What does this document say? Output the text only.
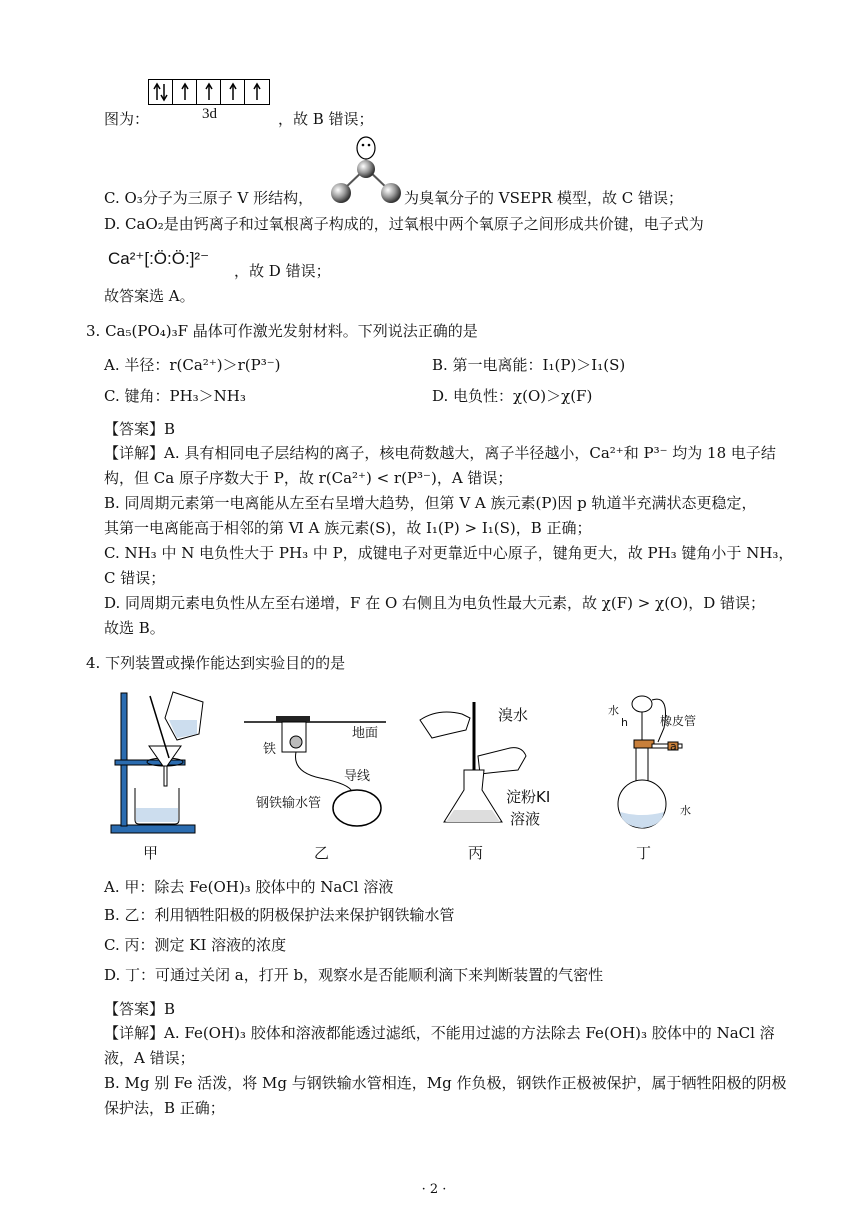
图为：	3d	，故 B 错误；
C. O₃分子为三原子 V 形结构，	为臭氧分子的 VSEPR 模型，故 C 错误；
D. CaO₂是由钙离子和过氧根离子构成的，过氧根中两个氧原子之间形成共价键，电子式为
Ca²⁺[:Ö:Ö:]²⁻
，故 D 错误；
故答案选 A。
3. Ca₅(PO₄)₃F 晶体可作激光发射材料。下列说法正确的是
A. 半径：r(Ca²⁺)＞r(P³⁻)	B. 第一电离能：I₁(P)＞I₁(S)
C. 键角：PH₃＞NH₃	D. 电负性：χ(O)＞χ(F)
【答案】B
【详解】A. 具有相同电子层结构的离子，核电荷数越大，离子半径越小，Ca²⁺和 P³⁻ 均为 18 电子结
构，但 Ca 原子序数大于 P，故 r(Ca²⁺) < r(P³⁻)，A 错误；
B. 同周期元素第一电离能从左至右呈增大趋势，但第 Ⅴ A 族元素(P)因 p 轨道半充满状态更稳定，
其第一电离能高于相邻的第 Ⅵ A 族元素(S)，故 I₁(P) > I₁(S)，B 正确；
C. NH₃ 中 N 电负性大于 PH₃ 中 P，成键电子对更靠近中心原子，键角更大，故 PH₃ 键角小于 NH₃，
C 错误；
D. 同周期元素电负性从左至右递增，F 在 O 右侧且为电负性最大元素，故 χ(F) > χ(O)，D 错误；
故选 B。
4. 下列装置或操作能达到实验目的的是
甲
地面
铁
导线
钢铁输水管
乙
溴水
淀粉KI
溶液
丙
水
h	橡皮管
a
水
丁
A. 甲：除去 Fe(OH)₃ 胶体中的 NaCl 溶液
B. 乙：利用牺牲阳极的阴极保护法来保护钢铁输水管
C. 丙：测定 KI 溶液的浓度
D. 丁：可通过关闭 a，打开 b，观察水是否能顺利滴下来判断装置的气密性
【答案】B
【详解】A. Fe(OH)₃ 胶体和溶液都能透过滤纸，不能用过滤的方法除去 Fe(OH)₃ 胶体中的 NaCl 溶
液，A 错误；
B. Mg 别 Fe 活泼，将 Mg 与钢铁输水管相连，Mg 作负极，钢铁作正极被保护，属于牺牲阳极的阴极
保护法，B 正确；
· 2 ·
